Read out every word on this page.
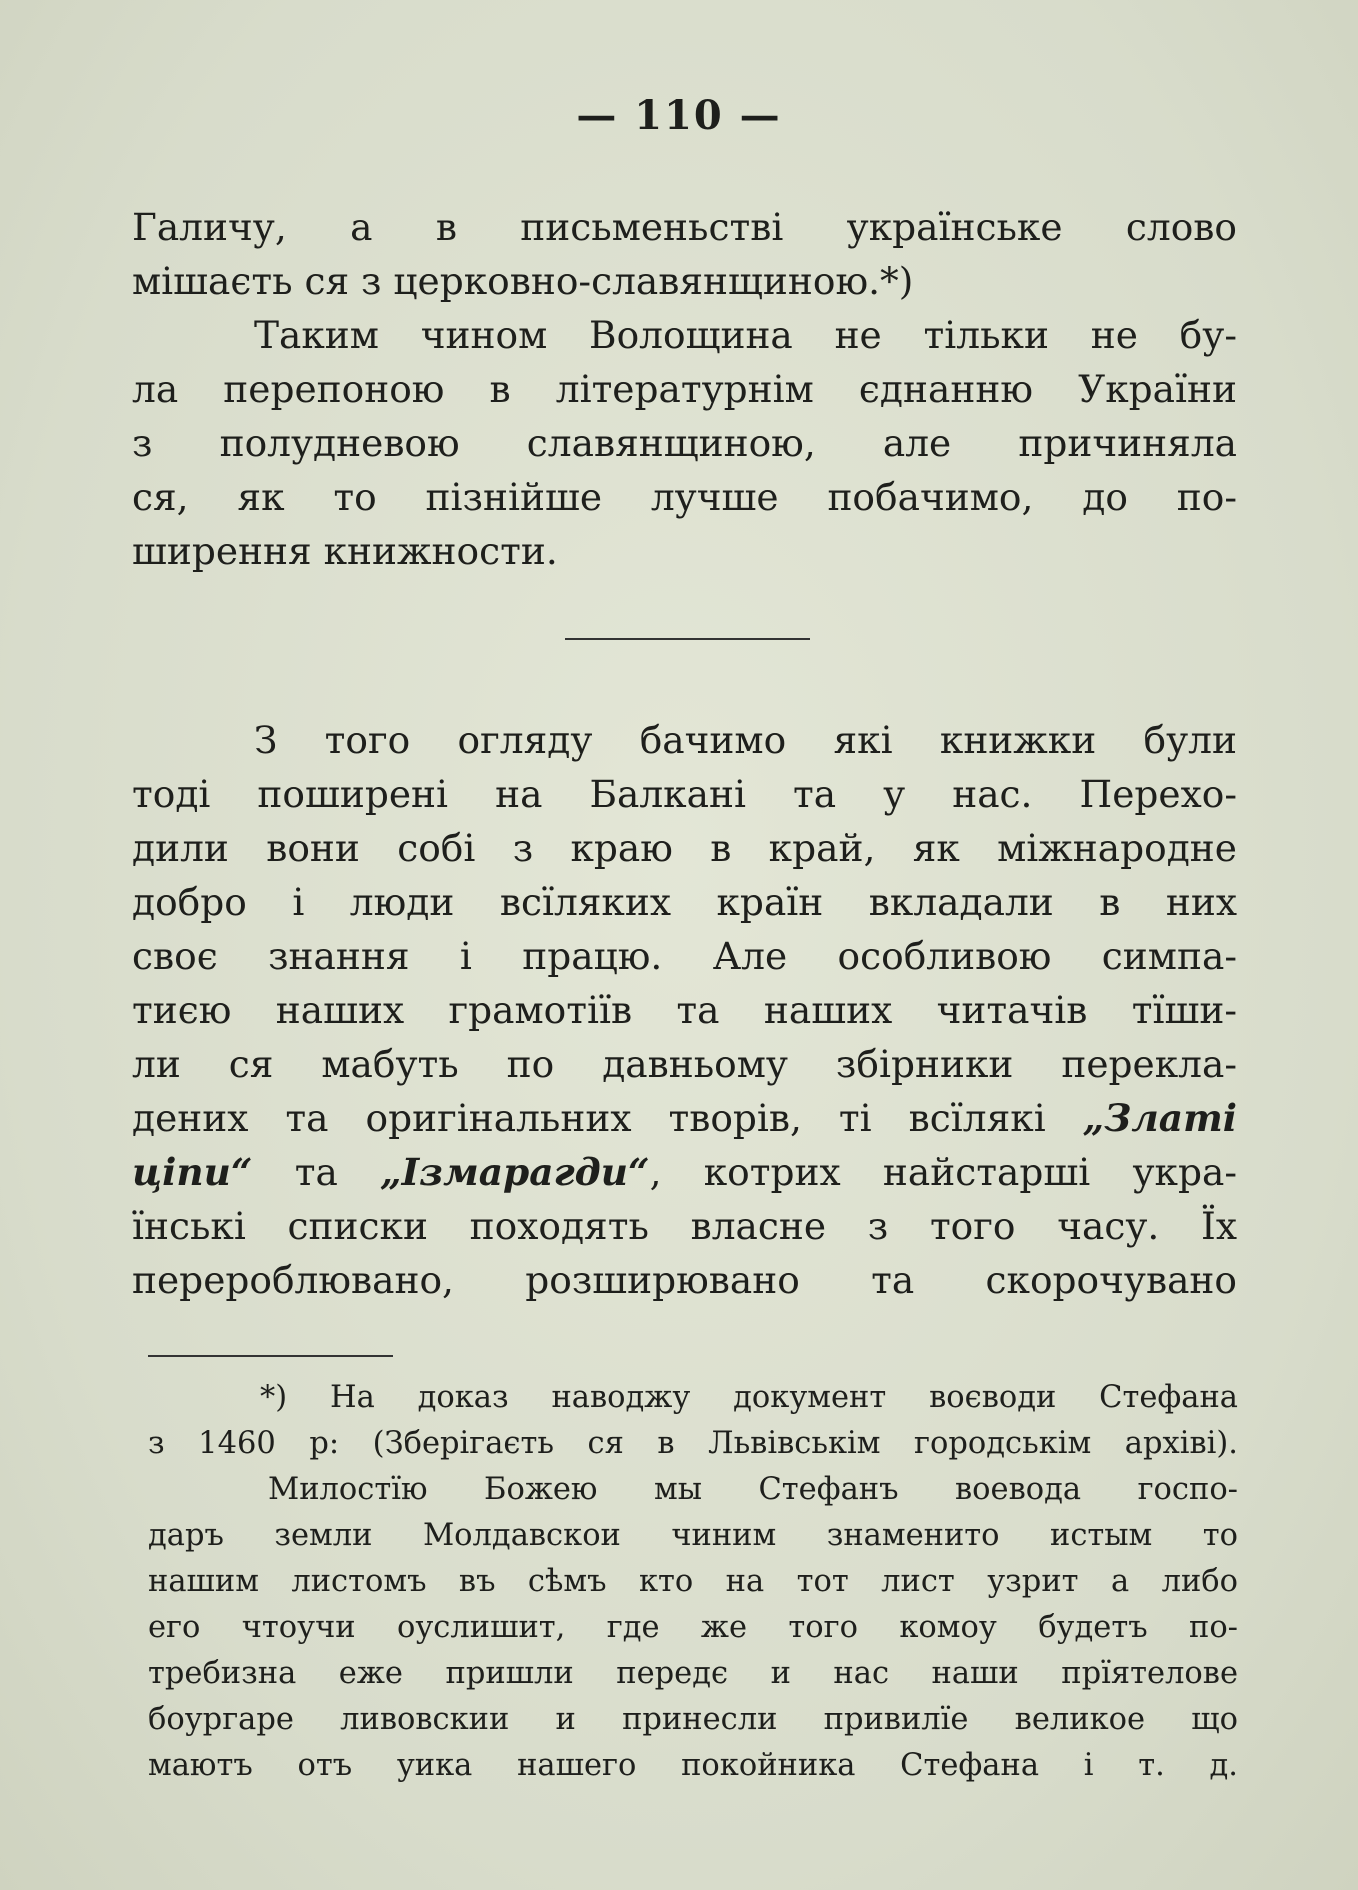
— 110 —
Галичу, а в письменьстві українське слово
мішаєть ся з церковно-славянщиною.*)
Таким чином Волощина не тільки не бу-
ла перепоною в літературнім єднанню України
з полудневою славянщиною, але причиняла
ся, як то пізнійше лучше побачимо, до по-
ширення книжности.
З того огляду бачимо які книжки були
тоді поширені на Балкані та у нас. Перехо-
дили вони собі з краю в край, як міжнародне
добро і люди всїляких країн вкладали в них
своє знання і працю. Але особливою симпа-
тиєю наших грамотіїв та наших читачів тїши-
ли ся мабуть по давньому збірники перекла-
дених та оригінальних творів, ті всїлякі „Златі
ціпи“ та „Ізмарагди“, котрих найстарші укра-
їнські списки походять власне з того часу. Їх
перероблювано, розширювано та скорочувано
*) На доказ наводжу документ воєводи Стефана
з 1460 р: (Зберігаєть ся в Львівськім городськім архіві).
Милостїю Божею мы Стефанъ воевода госпо-
даръ земли Молдавскои чиним знаменито истым то
нашим листомъ въ сѣмъ кто на тот лист узрит а либо
его чтоучи оуслишит, где же того комоу будетъ по-
требизна еже пришли передє и нас наши прїятелове
боургаре ливовскии и принесли привилїе великое що
маютъ отъ уика нашего покойника Стефана і т. д.
